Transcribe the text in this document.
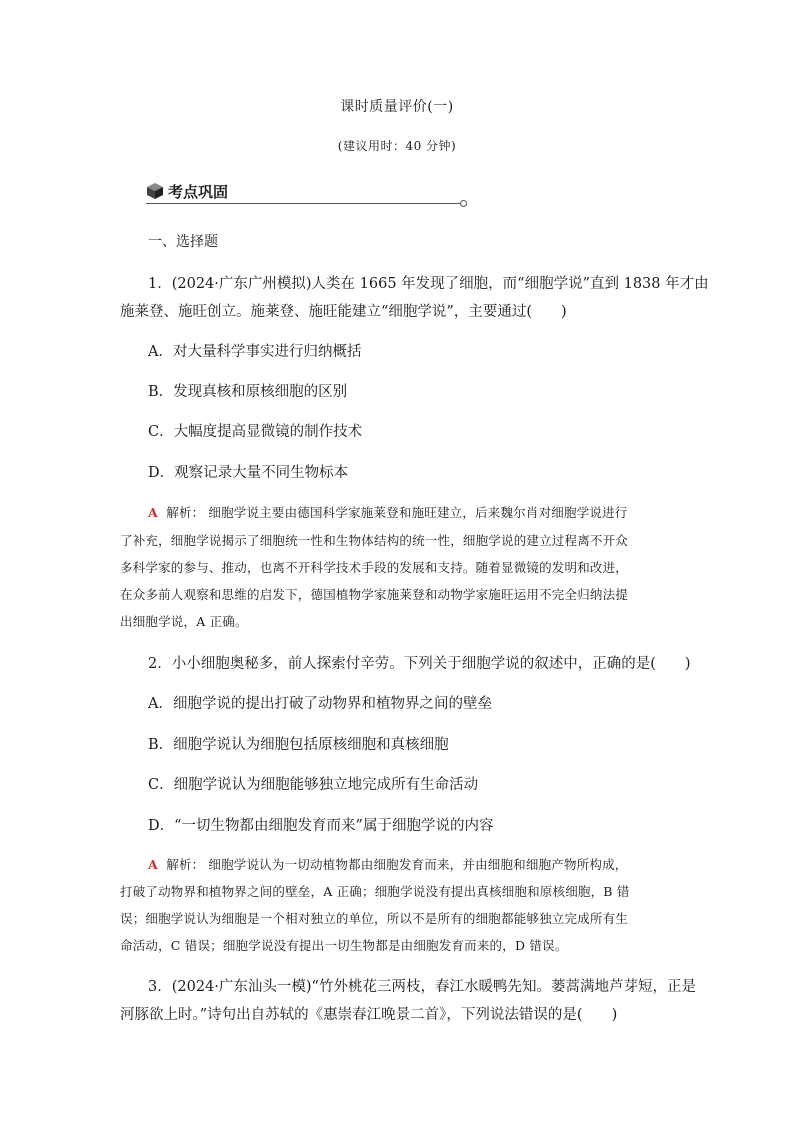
课时质量评价(一)
(建议用时：40 分钟)
考点巩固
一、选择题
1．(2024·广东广州模拟)人类在 1665 年发现了细胞，而“细胞学说”直到 1838 年才由
施莱登、施旺创立。施莱登、施旺能建立“细胞学说”，主要通过(　　)
A．对大量科学事实进行归纳概括
B．发现真核和原核细胞的区别
C．大幅度提高显微镜的制作技术
D．观察记录大量不同生物标本
A 解析： 细胞学说主要由德国科学家施莱登和施旺建立，后来魏尔肖对细胞学说进行
了补充，细胞学说揭示了细胞统一性和生物体结构的统一性，细胞学说的建立过程离不开众
多科学家的参与、推动，也离不开科学技术手段的发展和支持。随着显微镜的发明和改进，
在众多前人观察和思维的启发下，德国植物学家施莱登和动物学家施旺运用不完全归纳法提
出细胞学说，A 正确。
2．小小细胞奥秘多，前人探索付辛劳。下列关于细胞学说的叙述中，正确的是(　　)
A．细胞学说的提出打破了动物界和植物界之间的壁垒
B．细胞学说认为细胞包括原核细胞和真核细胞
C．细胞学说认为细胞能够独立地完成所有生命活动
D．“一切生物都由细胞发育而来”属于细胞学说的内容
A 解析： 细胞学说认为一切动植物都由细胞发育而来，并由细胞和细胞产物所构成，
打破了动物界和植物界之间的壁垒，A 正确；细胞学说没有提出真核细胞和原核细胞，B 错
误；细胞学说认为细胞是一个相对独立的单位，所以不是所有的细胞都能够独立完成所有生
命活动，C 错误；细胞学说没有提出一切生物都是由细胞发育而来的，D 错误。
3．(2024·广东汕头一模)“竹外桃花三两枝，春江水暖鸭先知。蒌蒿满地芦芽短，正是
河豚欲上时。”诗句出自苏轼的《惠崇春江晚景二首》，下列说法错误的是(　　)
